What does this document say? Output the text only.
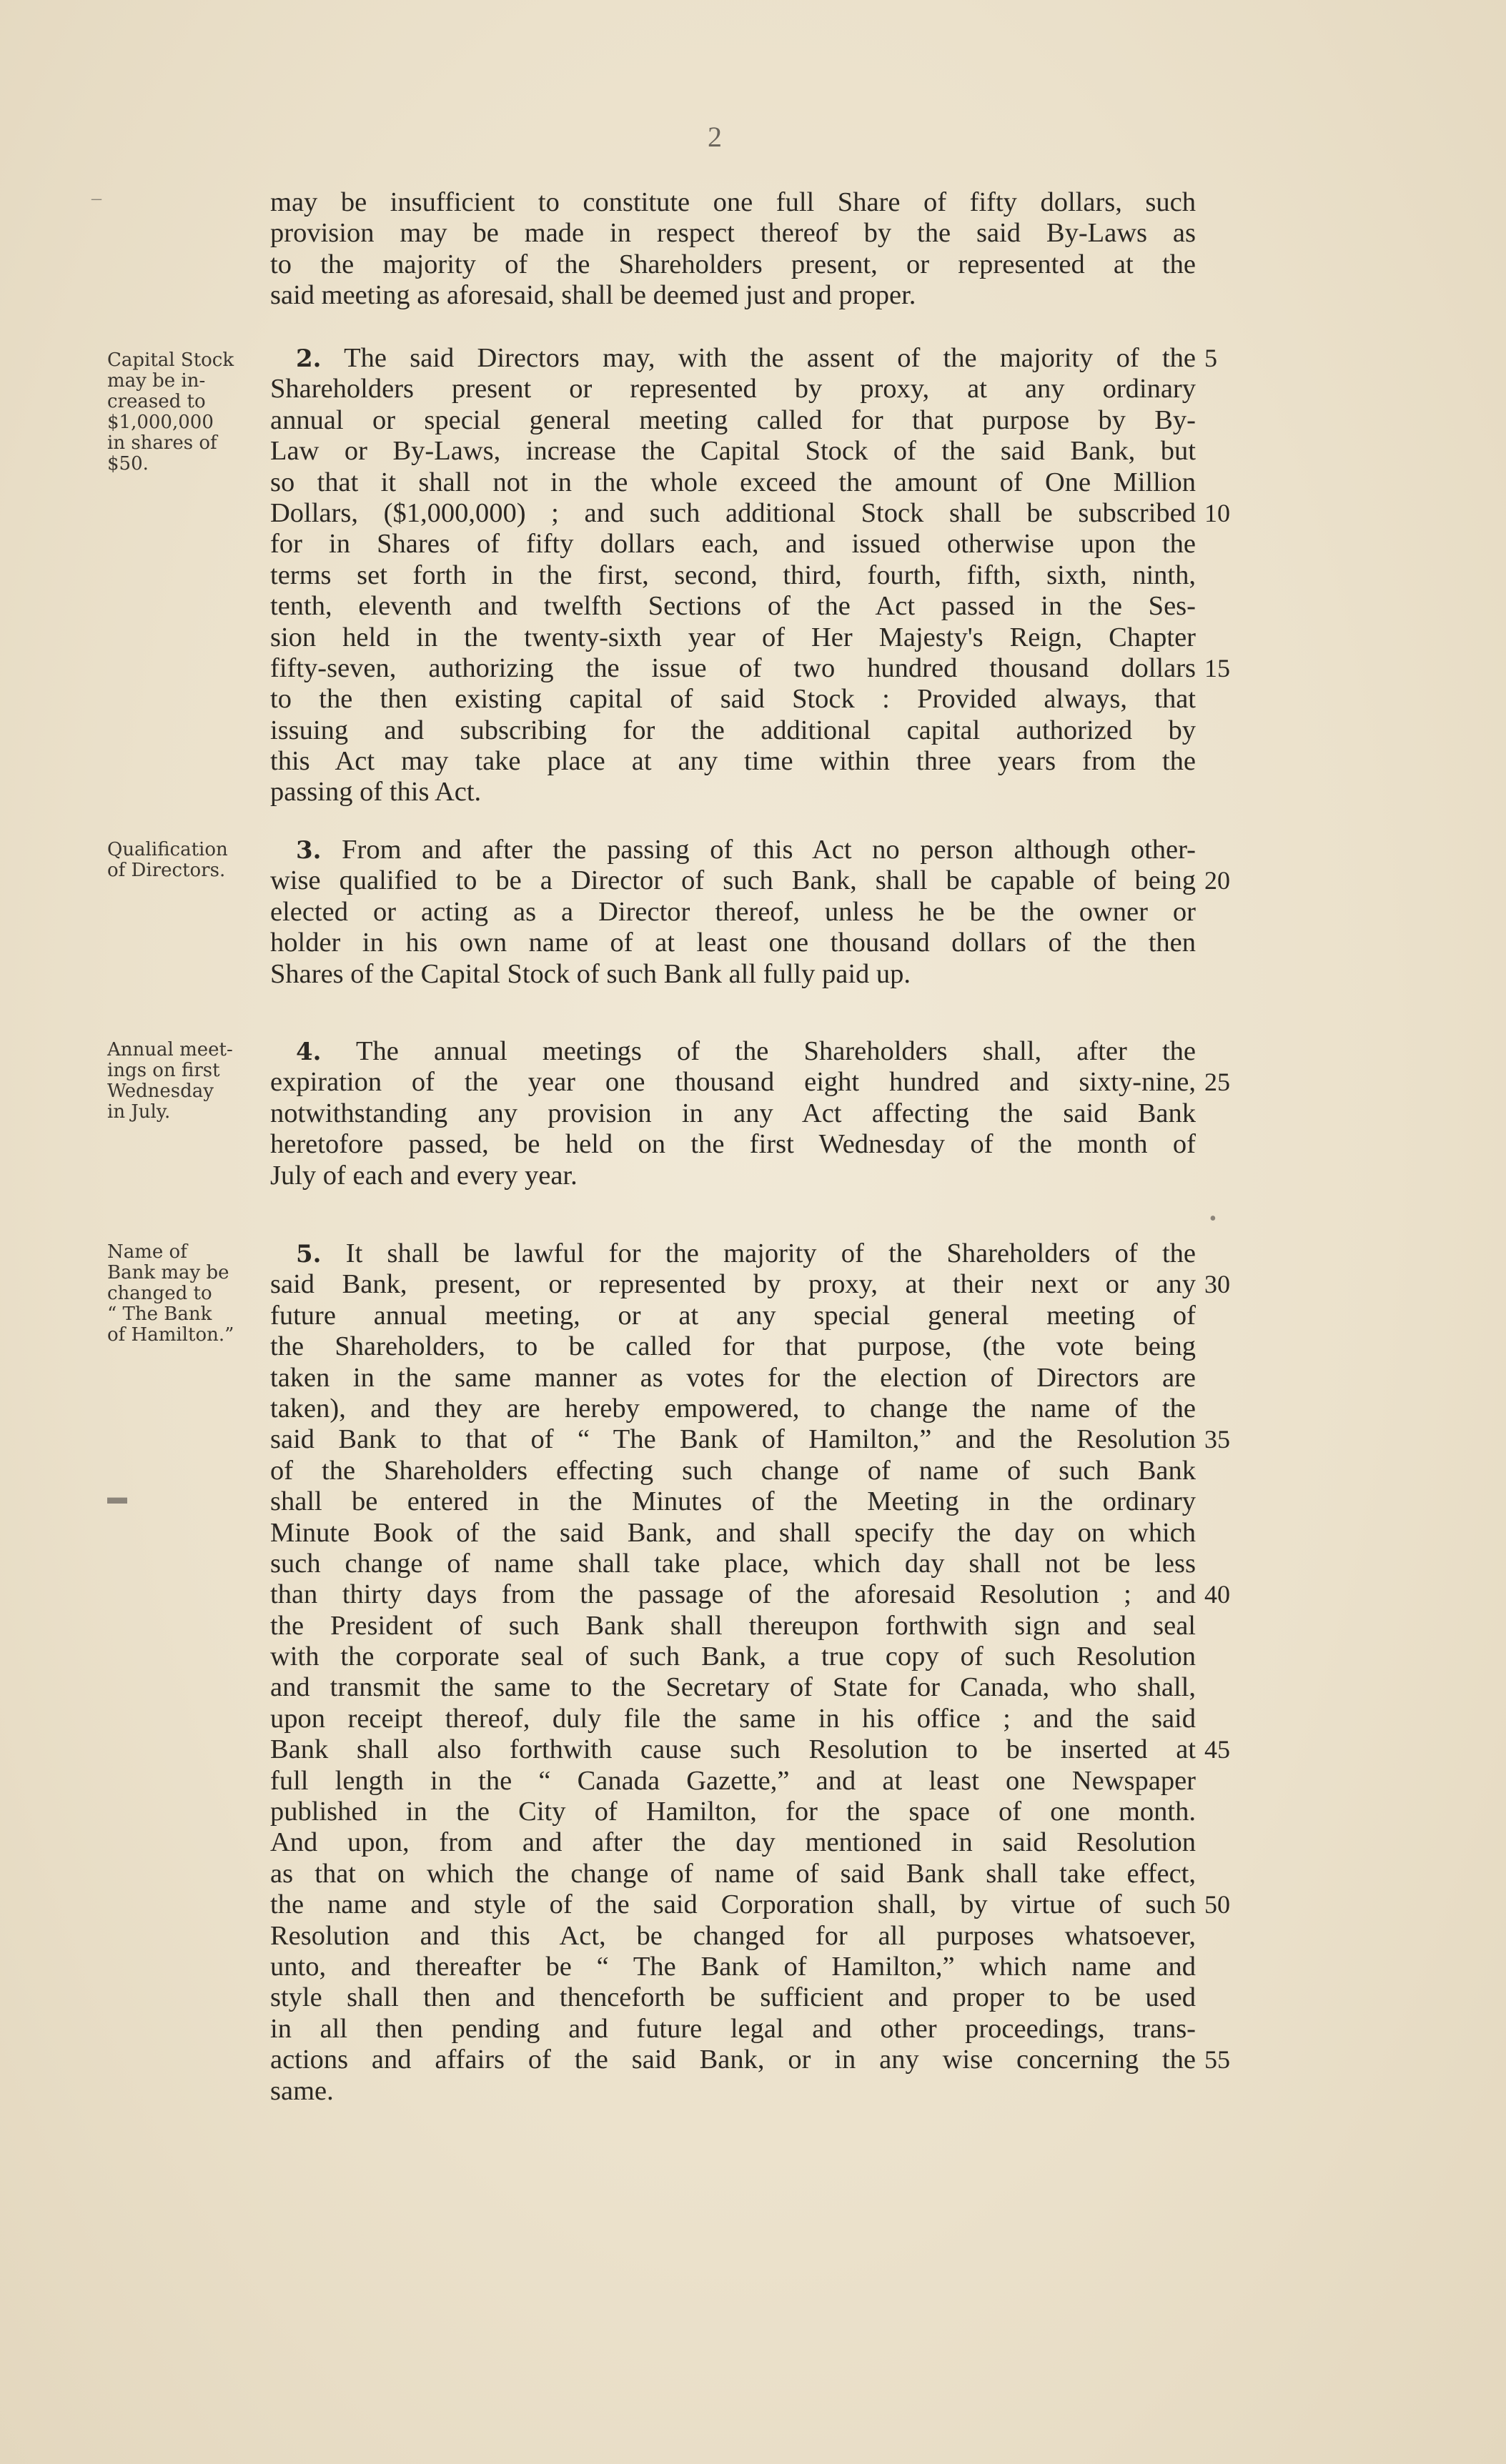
2
–
▬
•
may be insufficient to constitute one full Share of fifty dollars, such
provision may be made in respect thereof by the said By-Laws as
to the majority of the Shareholders present, or represented at the
said meeting as aforesaid, shall be deemed just and proper.
Capital Stock
may be in-
creased to
$1,000,000
in shares of
$50.
2. The said Directors may, with the assent of the majority of the
Shareholders present or represented by proxy, at any ordinary
annual or special general meeting called for that purpose by By-
Law or By-Laws, increase the Capital Stock of the said Bank, but
so that it shall not in the whole exceed the amount of One Million
Dollars, ($1,000,000) ; and such additional Stock shall be subscribed
for in Shares of fifty dollars each, and issued otherwise upon the
terms set forth in the first, second, third, fourth, fifth, sixth, ninth,
tenth, eleventh and twelfth Sections of the Act passed in the Ses-
sion held in the twenty-sixth year of Her Majesty's Reign, Chapter
fifty-seven, authorizing the issue of two hundred thousand dollars
to the then existing capital of said Stock : Provided always, that
issuing and subscribing for the additional capital authorized by
this Act may take place at any time within three years from the
passing of this Act.
5
10
15
Qualification
of Directors.
3. From and after the passing of this Act no person although other-
wise qualified to be a Director of such Bank, shall be capable of being
elected or acting as a Director thereof, unless he be the owner or
holder in his own name of at least one thousand dollars of the then
Shares of the Capital Stock of such Bank all fully paid up.
20
Annual meet-
ings on first
Wednesday
in July.
4. The annual meetings of the Shareholders shall, after the
expiration of the year one thousand eight hundred and sixty-nine,
notwithstanding any provision in any Act affecting the said Bank
heretofore passed, be held on the first Wednesday of the month of
July of each and every year.
25
Name of
Bank may be
changed to
“ The Bank
of Hamilton.”
5. It shall be lawful for the majority of the Shareholders of the
said Bank, present, or represented by proxy, at their next or any
future annual meeting, or at any special general meeting of
the Shareholders, to be called for that purpose, (the vote being
taken in the same manner as votes for the election of Directors are
taken), and they are hereby empowered, to change the name of the
said Bank to that of “ The Bank of Hamilton,” and the Resolution
of the Shareholders effecting such change of name of such Bank
shall be entered in the Minutes of the Meeting in the ordinary
Minute Book of the said Bank, and shall specify the day on which
such change of name shall take place, which day shall not be less
than thirty days from the passage of the aforesaid Resolution ; and
the President of such Bank shall thereupon forthwith sign and seal
with the corporate seal of such Bank, a true copy of such Resolution
and transmit the same to the Secretary of State for Canada, who shall,
upon receipt thereof, duly file the same in his office ; and the said
Bank shall also forthwith cause such Resolution to be inserted at
full length in the “ Canada Gazette,” and at least one Newspaper
published in the City of Hamilton, for the space of one month.
And upon, from and after the day mentioned in said Resolution
as that on which the change of name of said Bank shall take effect,
the name and style of the said Corporation shall, by virtue of such
Resolution and this Act, be changed for all purposes whatsoever,
unto, and thereafter be “ The Bank of Hamilton,” which name and
style shall then and thenceforth be sufficient and proper to be used
in all then pending and future legal and other proceedings, trans-
actions and affairs of the said Bank, or in any wise concerning the
same.
30
35
40
45
50
55
